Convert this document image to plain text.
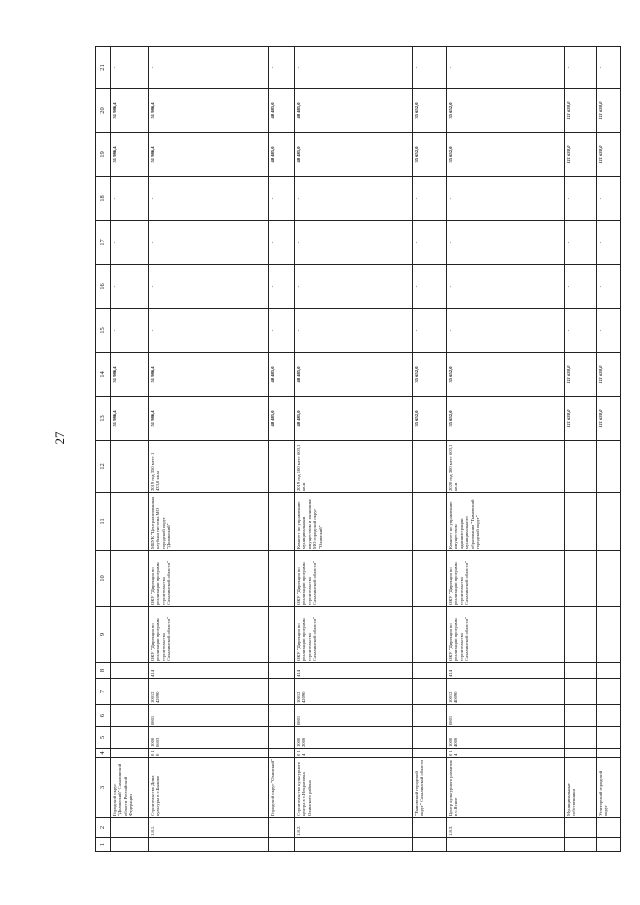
27
1	2	3	4	5	6	7	8	9	10	11	12	13	14	15	16	17	18	19	20	21
		Городской округ "Долинский" Сахалинской области Российской Федерации										51 986,4	51 986,4	-	-	-	-	51 986,4	51 986,4	-
	1.8.1.	Строительство Дома культуры в с.Быково	0 1 0	1000 0603	0801	10012 42090	414	ОКУ "Дирекция по реализации программ строительства Сахалинской области"	ОКУ "Дирекция по реализации программ строительства Сахалинской области"	МБУК "Централизованная клубная система МО городской округ "Долинский"	2019 год 350 мест 1 433,8 кв.м	51 986,4	51 986,4	-	-	-	-	51 986,4	51 986,4	-
		Городской округ "Охинский"										48 485,0	48 485,0	-	-	-	-	48 485,0	48 485,0	-
	1.8.2.	Строительство культурного центра в с.Некрасовка Охинского района	0 1 4	1000 2000	0801	10012 42090	414	ОКУ "Дирекция по реализации программ строительства Сахалинской области"	ОКУ "Дирекция по реализации программ строительства Сахалинской области"	Комитет по управлению муниципальным имуществом и экономике МО городской округ "Охинский"	2019 год 100 мест 603,1 кв.м	48 485,0	48 485,0	-	-	-	-	48 485,0	48 485,0	-
		"Тымовский городской округ" Сахалинской области										35 652,0	35 652,0	-	-	-	-	35 652,0	35 652,0	-
	1.8.3.	Центр культурного развития в с.Ясное	0 1 4	1000 4000	0801	10012 40090	414	ОКУ "Дирекция по реализации программ строительства Сахалинской области"	ОКУ "Дирекция по реализации программ строительства Сахалинской области"	Комитет по управлению имуществом администрации муниципального образования "Тымовский городской округ"	2020 год 300 мест 603,1 кв.м	35 652,0	35 652,0	-	-	-	-	35 652,0	35 652,0	-
		Муниципальные собственники										111 630,0	111 630,0	-	-	-	-	111 630,0	111 630,0	-
		Углегорский городской округ										111 630,0	111 630,0	-	-	-	-	111 630,0	111 630,0	-
